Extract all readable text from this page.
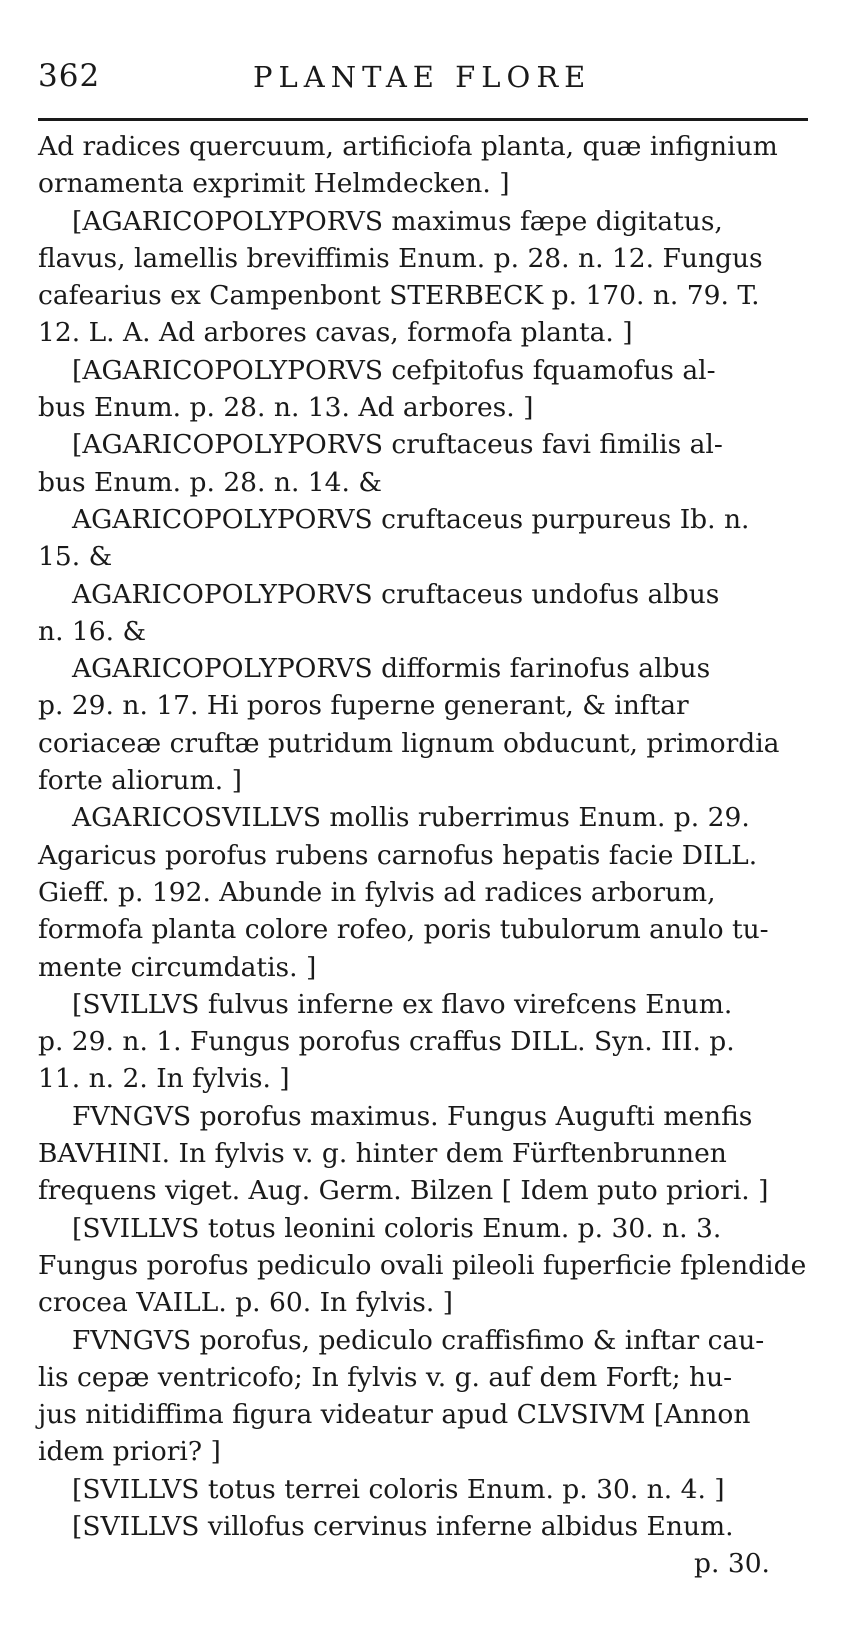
362	PLANTAE FLORE
Ad radices quercuum, artificiofa planta, quæ infignium
ornamenta exprimit Helmdecken. ]
[AGARICOPOLYPORVS maximus fæpe digitatus,
flavus, lamellis breviffimis Enum. p. 28. n. 12. Fungus
cafearius ex Campenbont STERBECK p. 170. n. 79. T.
12. L. A. Ad arbores cavas, formofa planta. ]
[AGARICOPOLYPORVS cefpitofus fquamofus al-
bus Enum. p. 28. n. 13. Ad arbores. ]
[AGARICOPOLYPORVS cruftaceus favi fimilis al-
bus Enum. p. 28. n. 14. &
AGARICOPOLYPORVS cruftaceus purpureus Ib. n.
15. &
AGARICOPOLYPORVS cruftaceus undofus albus
n. 16. &
AGARICOPOLYPORVS difformis farinofus albus
p. 29. n. 17. Hi poros fuperne generant, & inftar
coriaceæ cruftæ putridum lignum obducunt, primordia
forte aliorum. ]
AGARICOSVILLVS mollis ruberrimus Enum. p. 29.
Agaricus porofus rubens carnofus hepatis facie DILL.
Gieff. p. 192. Abunde in fylvis ad radices arborum,
formofa planta colore rofeo, poris tubulorum anulo tu-
mente circumdatis. ]
[SVILLVS fulvus inferne ex flavo virefcens Enum.
p. 29. n. 1. Fungus porofus craffus DILL. Syn. III. p.
11. n. 2. In fylvis. ]
FVNGVS porofus maximus. Fungus Augufti menfis
BAVHINI. In fylvis v. g. hinter dem Fürftenbrunnen
frequens viget. Aug. Germ. Bilzen [ Idem puto priori. ]
[SVILLVS totus leonini coloris Enum. p. 30. n. 3.
Fungus porofus pediculo ovali pileoli fuperficie fplendide
crocea VAILL. p. 60. In fylvis. ]
FVNGVS porofus, pediculo craffisfimo & inftar cau-
lis cepæ ventricofo; In fylvis v. g. auf dem Forft; hu-
jus nitidiffima figura videatur apud CLVSIVM [Annon
idem priori? ]
[SVILLVS totus terrei coloris Enum. p. 30. n. 4. ]
[SVILLVS villofus cervinus inferne albidus Enum.
p. 30.
